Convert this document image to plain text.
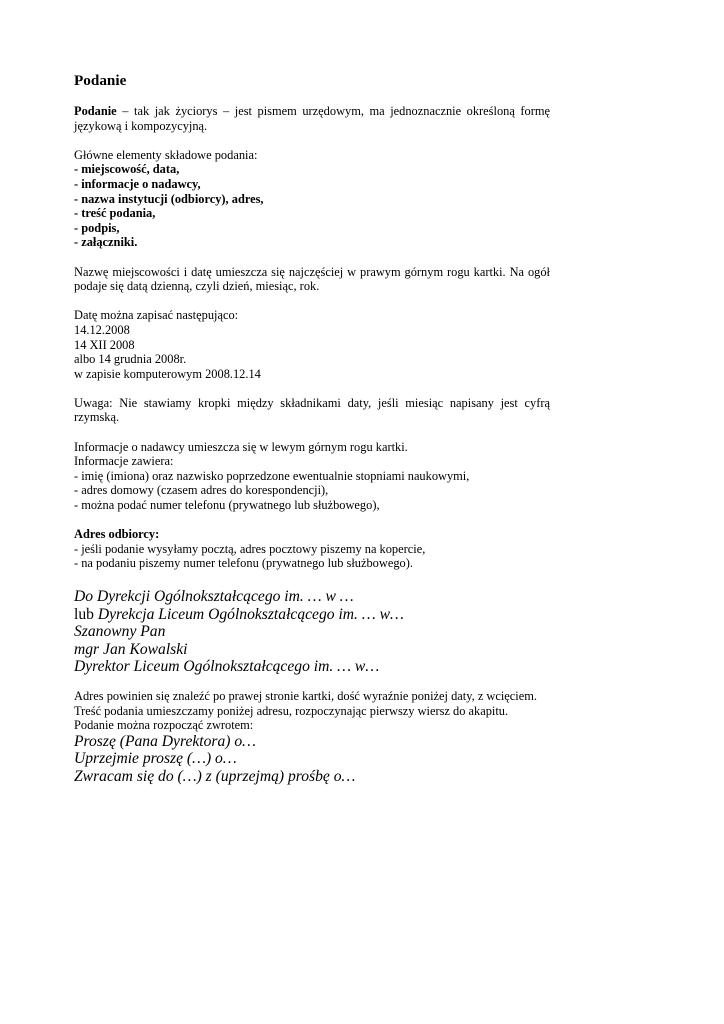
Podanie

Podanie – tak jak życiorys – jest pismem urzędowym, ma jednoznacznie określoną formę językową i kompozycyjną.

Główne elementy składowe podania:
- miejscowość, data,
- informacje o nadawcy,
- nazwa instytucji (odbiorcy), adres,
- treść podania,
- podpis,
- załączniki.

Nazwę miejscowości i datę umieszcza się najczęściej w prawym górnym rogu kartki. Na ogół podaje się datą dzienną, czyli dzień, miesiąc, rok.

Datę można zapisać następująco:
14.12.2008
14 XII 2008
albo 14 grudnia 2008r.
w zapisie komputerowym 2008.12.14

Uwaga: Nie stawiamy kropki między składnikami daty, jeśli miesiąc napisany jest cyfrą rzymską.

Informacje o nadawcy umieszcza się w lewym górnym rogu kartki.
Informacje zawiera:
- imię (imiona) oraz nazwisko poprzedzone ewentualnie stopniami naukowymi,
- adres domowy (czasem adres do korespondencji),
- można podać numer telefonu (prywatnego lub służbowego),
Adres odbiorcy:
- jeśli podanie wysyłamy pocztą, adres pocztowy piszemy na kopercie,
- na podaniu piszemy numer telefonu (prywatnego lub służbowego).
Do Dyrekcji Ogólnokształcącego im. … w …
lub Dyrekcja Liceum Ogólnokształcącego im. … w…
Szanowny Pan
mgr Jan Kowalski
Dyrektor Liceum Ogólnokształcącego im. … w…
Adres powinien się znaleźć po prawej stronie kartki, dość wyraźnie poniżej daty, z wcięciem.
Treść podania umieszczamy poniżej adresu, rozpoczynając pierwszy wiersz do akapitu.
Podanie można rozpocząć zwrotem:
Proszę (Pana Dyrektora) o…
Uprzejmie proszę (…) o…
Zwracam się do (…) z (uprzejmą) prośbę o…
